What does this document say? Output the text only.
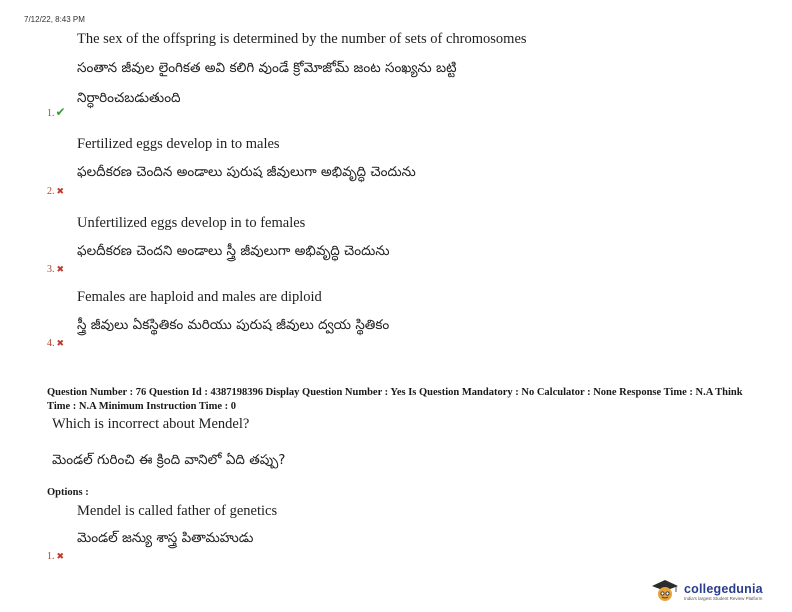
7/12/22, 8:43 PM
The sex of the offspring is determined by the number of sets of chromosomes
సంతాన జీవుల లైంగికత అవి కలిగి వుండే క్రోమోజోమ్ జంట సంఖ్యను బట్టి
నిర్ధారించబడుతుంది
1.✔
Fertilized eggs develop in to males
ఫలదీకరణ చెందిన అండాలు పురుష జీవులుగా అభివృద్ధి చెందును
2. ✖
Unfertilized eggs develop in to females
ఫలదీకరణ చెందని అండాలు స్త్రీ జీవులుగా అభివృద్ధి చెందును
3. ✖
Females are haploid and males are diploid
స్త్రీ జీవులు ఏకస్థితికం మరియు పురుష జీవులు ద్వయ స్థితికం
4. ✖
Question Number : 76 Question Id : 4387198396 Display Question Number : Yes Is Question Mandatory : No Calculator : None Response Time : N.A Think Time : N.A Minimum Instruction Time : 0
Which is incorrect about Mendel?
మెండల్ గురించి ఈ క్రింది వానిలో ఏది తప్పు?
Options :
Mendel is called father of genetics
మెండల్ జన్యు శాస్త్ర పితామహుడు
1. ✖
collegedunia
India's largest Student Review Platform
